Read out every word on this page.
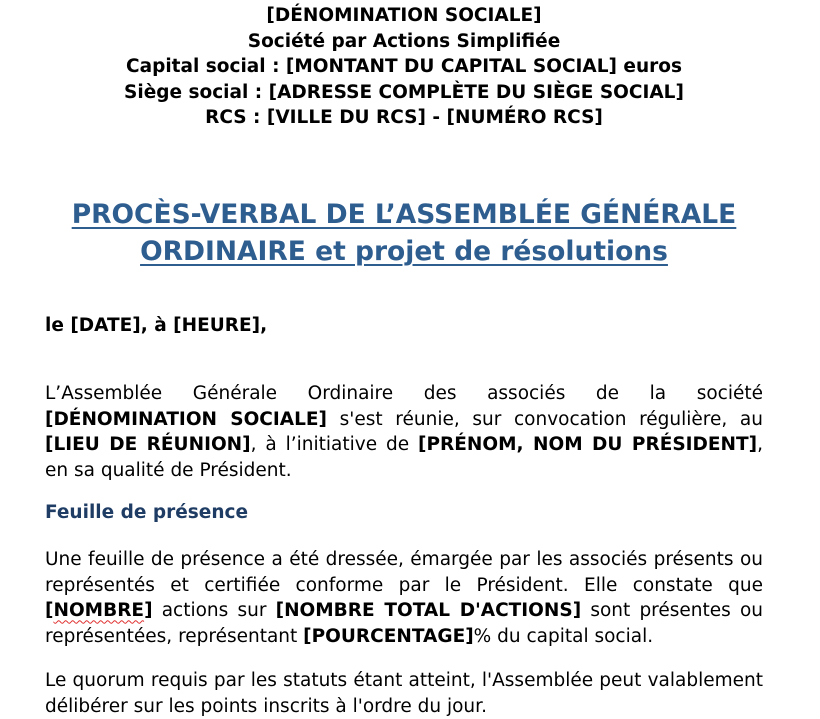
[DÉNOMINATION SOCIALE]
Société par Actions Simplifiée
Capital social : [MONTANT DU CAPITAL SOCIAL] euros
Siège social : [ADRESSE COMPLÈTE DU SIÈGE SOCIAL]
RCS : [VILLE DU RCS] - [NUMÉRO RCS]
PROCÈS-VERBAL DE L’ASSEMBLÉE GÉNÉRALE
ORDINAIRE et projet de résolutions
le [DATE], à [HEURE],
L’Assemblée Générale Ordinaire des associés de la société [DÉNOMINATION SOCIALE] s'est réunie, sur convocation régulière, au [LIEU DE RÉUNION], à l’initiative de [PRÉNOM, NOM DU PRÉSIDENT], en sa qualité de Président.
Feuille de présence
Une feuille de présence a été dressée, émargée par les associés présents ou représentés et certifiée conforme par le Président. Elle constate que [NOMBRE] actions sur [NOMBRE TOTAL D'ACTIONS] sont présentes ou représentées, représentant [POURCENTAGE]% du capital social.
Le quorum requis par les statuts étant atteint, l'Assemblée peut valablement délibérer sur les points inscrits à l'ordre du jour.
